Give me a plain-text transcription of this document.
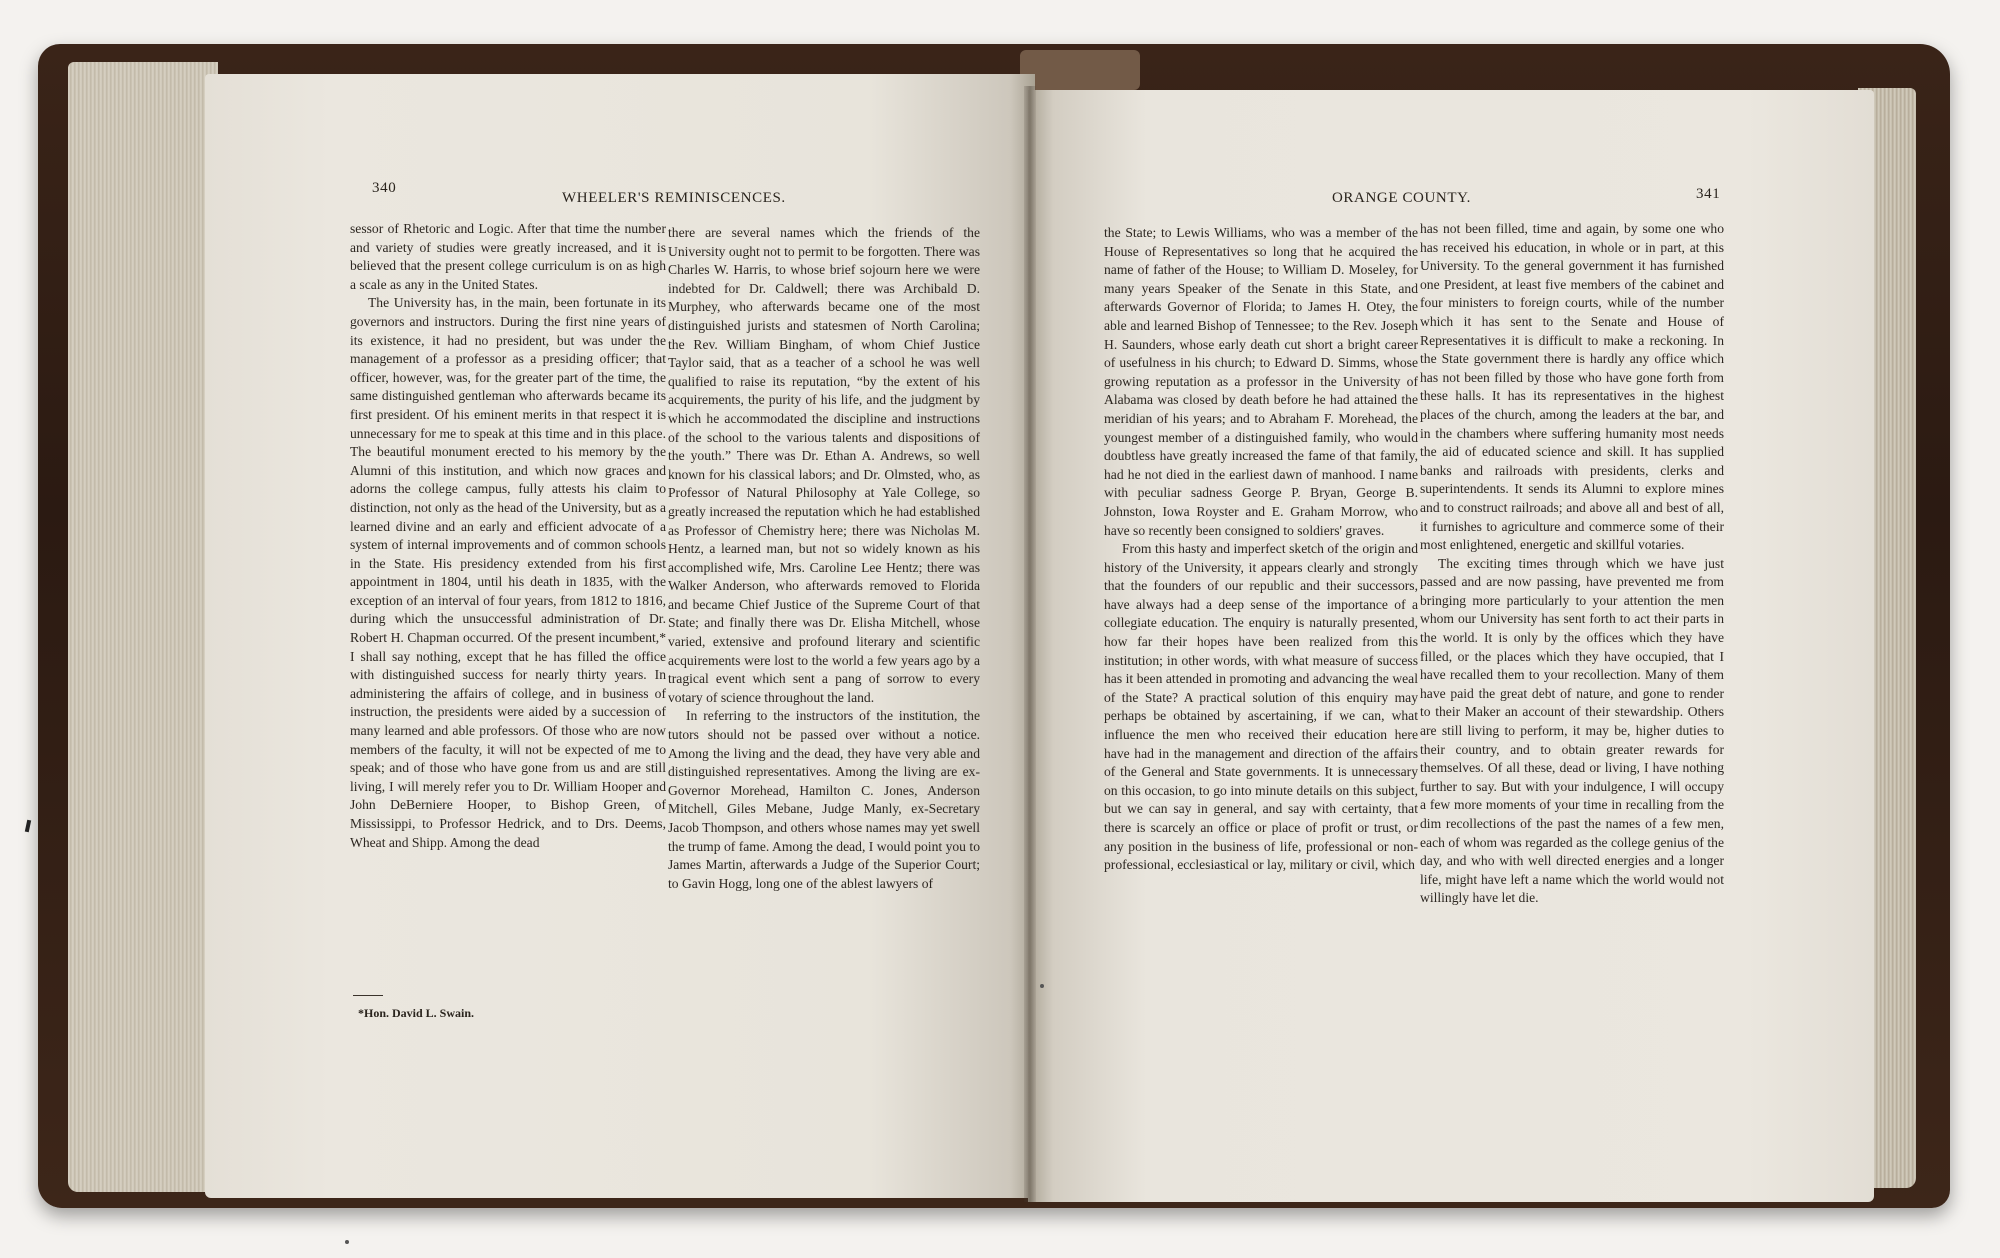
340
WHEELER'S REMINISCENCES.

sessor of Rhetoric and Logic. After that time the number and variety of studies were greatly increased, and it is believed that the present college curriculum is on as high a scale as any in the United States.

The University has, in the main, been fortunate in its governors and instructors. During the first nine years of its existence, it had no president, but was under the management of a professor as a presiding officer; that officer, however, was, for the greater part of the time, the same distinguished gentleman who afterwards became its first president. Of his eminent merits in that respect it is unnecessary for me to speak at this time and in this place. The beautiful monument erected to his memory by the Alumni of this institution, and which now graces and adorns the college campus, fully attests his claim to distinction, not only as the head of the University, but as a learned divine and an early and efficient advocate of a system of internal improvements and of common schools in the State. His presidency extended from his first appointment in 1804, until his death in 1835, with the exception of an interval of four years, from 1812 to 1816, during which the unsuccessful administration of Dr. Robert H. Chapman occurred. Of the present incumbent,* I shall say nothing, except that he has filled the office with distinguished success for nearly thirty years. In administering the affairs of college, and in business of instruction, the presidents were aided by a succession of many learned and able professors. Of those who are now members of the faculty, it will not be expected of me to speak; and of those who have gone from us and are still living, I will merely refer you to Dr. William Hooper and John DeBerniere Hooper, to Bishop Green, of Mississippi, to Professor Hedrick, and to Drs. Deems, Wheat and Shipp. Among the dead

there are several names which the friends of the University ought not to permit to be forgotten. There was Charles W. Harris, to whose brief sojourn here we were indebted for Dr. Caldwell; there was Archibald D. Murphey, who afterwards became one of the most distinguished jurists and statesmen of North Carolina; the Rev. William Bingham, of whom Chief Justice Taylor said, that as a teacher of a school he was well qualified to raise its reputation, “by the extent of his acquirements, the purity of his life, and the judgment by which he accommodated the discipline and instructions of the school to the various talents and dispositions of the youth.” There was Dr. Ethan A. Andrews, so well known for his classical labors; and Dr. Olmsted, who, as Professor of Natural Philosophy at Yale College, so greatly increased the reputation which he had established as Professor of Chemistry here; there was Nicholas M. Hentz, a learned man, but not so widely known as his accomplished wife, Mrs. Caroline Lee Hentz; there was Walker Anderson, who afterwards removed to Florida and became Chief Justice of the Supreme Court of that State; and finally there was Dr. Elisha Mitchell, whose varied, extensive and profound literary and scientific acquirements were lost to the world a few years ago by a tragical event which sent a pang of sorrow to every votary of science throughout the land.

In referring to the instructors of the institution, the tutors should not be passed over without a notice. Among the living and the dead, they have very able and distinguished representatives. Among the living are ex-Governor Morehead, Hamilton C. Jones, Anderson Mitchell, Giles Mebane, Judge Manly, ex-Secretary Jacob Thompson, and others whose names may yet swell the trump of fame. Among the dead, I would point you to James Martin, afterwards a Judge of the Superior Court; to Gavin Hogg, long one of the ablest lawyers of

*Hon. David L. Swain.
ORANGE COUNTY.	341

the State; to Lewis Williams, who was a member of the House of Representatives so long that he acquired the name of father of the House; to William D. Moseley, for many years Speaker of the Senate in this State, and afterwards Governor of Florida; to James H. Otey, the able and learned Bishop of Tennessee; to the Rev. Joseph H. Saunders, whose early death cut short a bright career of usefulness in his church; to Edward D. Simms, whose growing reputation as a professor in the University of Alabama was closed by death before he had attained the meridian of his years; and to Abraham F. Morehead, the youngest member of a distinguished family, who would doubtless have greatly increased the fame of that family, had he not died in the earliest dawn of manhood. I name with peculiar sadness George P. Bryan, George B. Johnston, Iowa Royster and E. Graham Morrow, who have so recently been consigned to soldiers' graves.

From this hasty and imperfect sketch of the origin and history of the University, it appears clearly and strongly that the founders of our republic and their successors, have always had a deep sense of the importance of a collegiate education. The enquiry is naturally presented, how far their hopes have been realized from this institution; in other words, with what measure of success has it been attended in promoting and advancing the weal of the State? A practical solution of this enquiry may perhaps be obtained by ascertaining, if we can, what influence the men who received their education here have had in the management and direction of the affairs of the General and State governments. It is unnecessary on this occasion, to go into minute details on this subject, but we can say in general, and say with certainty, that there is scarcely an office or place of profit or trust, or any position in the business of life, professional or non-professional, ecclesiastical or lay, military or civil, which

has not been filled, time and again, by some one who has received his education, in whole or in part, at this University. To the general government it has furnished one President, at least five members of the cabinet and four ministers to foreign courts, while of the number which it has sent to the Senate and House of Representatives it is difficult to make a reckoning. In the State government there is hardly any office which has not been filled by those who have gone forth from these halls. It has its representatives in the highest places of the church, among the leaders at the bar, and in the chambers where suffering humanity most needs the aid of educated science and skill. It has supplied banks and railroads with presidents, clerks and superintendents. It sends its Alumni to explore mines and to construct railroads; and above all and best of all, it furnishes to agriculture and commerce some of their most enlightened, energetic and skillful votaries.

The exciting times through which we have just passed and are now passing, have prevented me from bringing more particularly to your attention the men whom our University has sent forth to act their parts in the world. It is only by the offices which they have filled, or the places which they have occupied, that I have recalled them to your recollection. Many of them have paid the great debt of nature, and gone to render to their Maker an account of their stewardship. Others are still living to perform, it may be, higher duties to their country, and to obtain greater rewards for themselves. Of all these, dead or living, I have nothing further to say. But with your indulgence, I will occupy a few more moments of your time in recalling from the dim recollections of the past the names of a few men, each of whom was regarded as the college genius of the day, and who with well directed energies and a longer life, might have left a name which the world would not willingly have let die.
